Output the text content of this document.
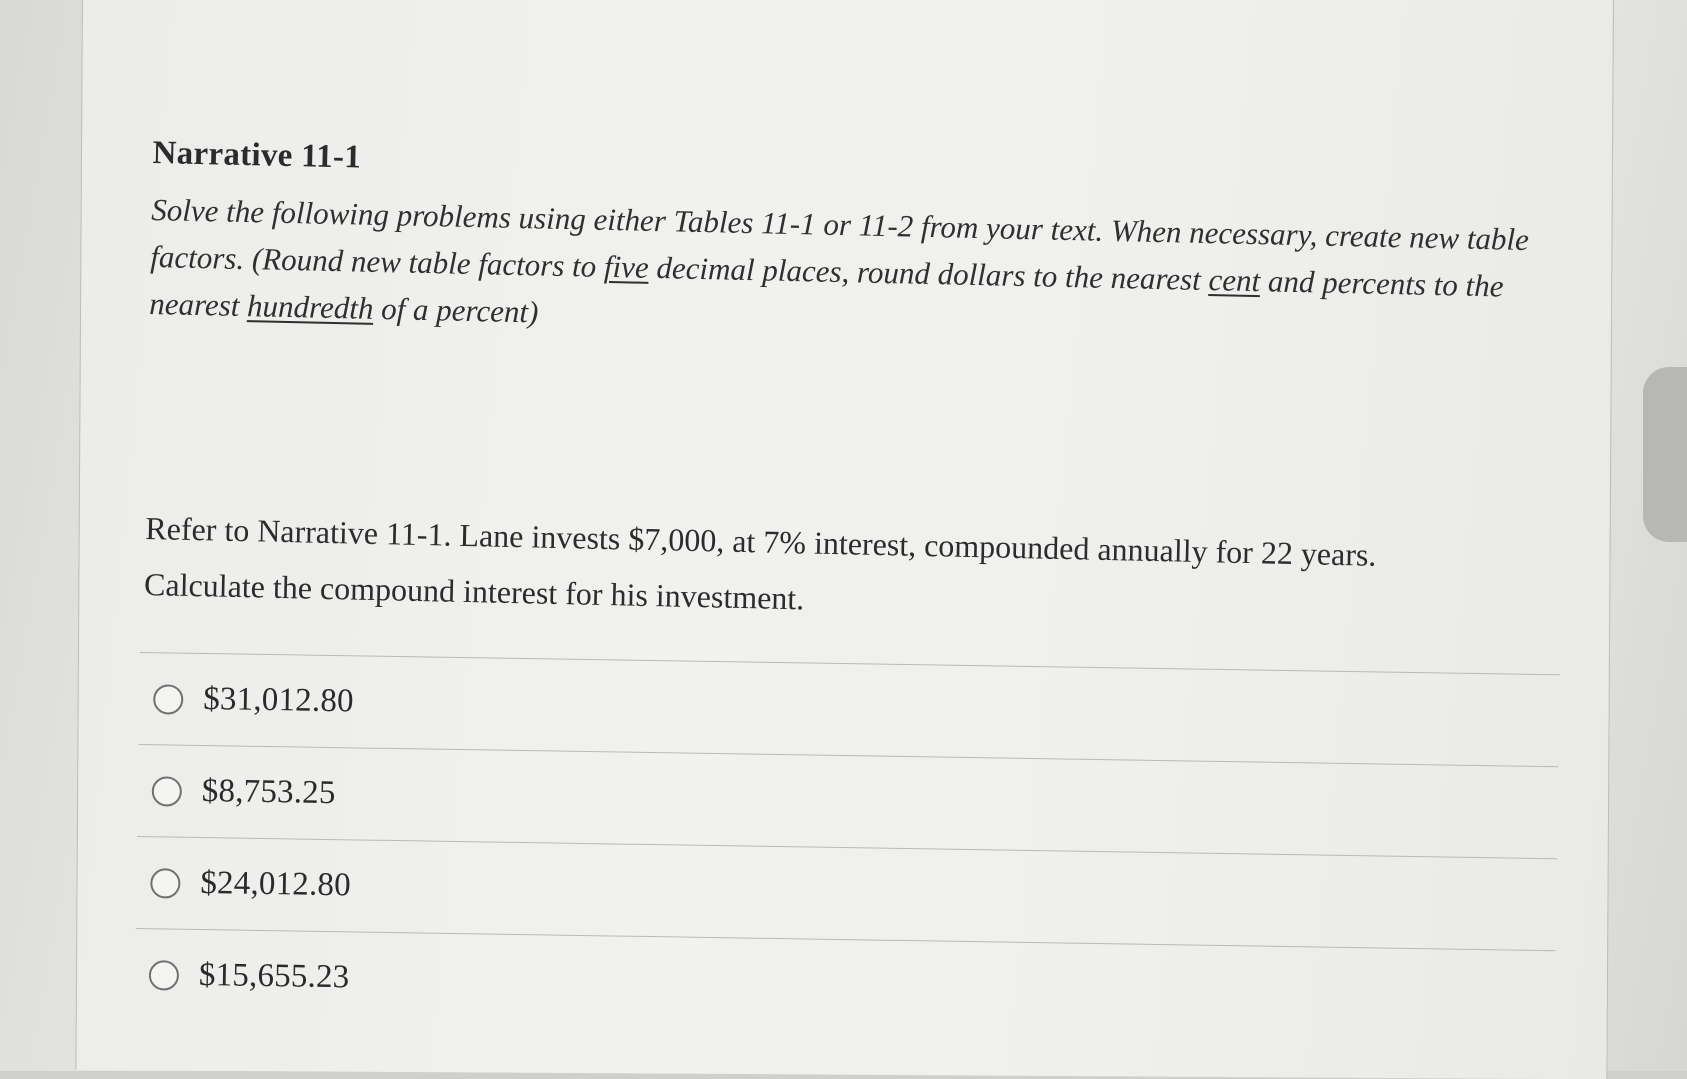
Narrative 11-1
Solve the following problems using either Tables 11-1 or 11-2 from your text. When necessary, create new table factors. (Round new table factors to five decimal places, round dollars to the nearest cent and percents to the nearest hundredth of a percent)
Refer to Narrative 11-1. Lane invests $7,000, at 7% interest, compounded annually for 22 years. Calculate the compound interest for his investment.
$31,012.80
$8,753.25
$24,012.80
$15,655.23
